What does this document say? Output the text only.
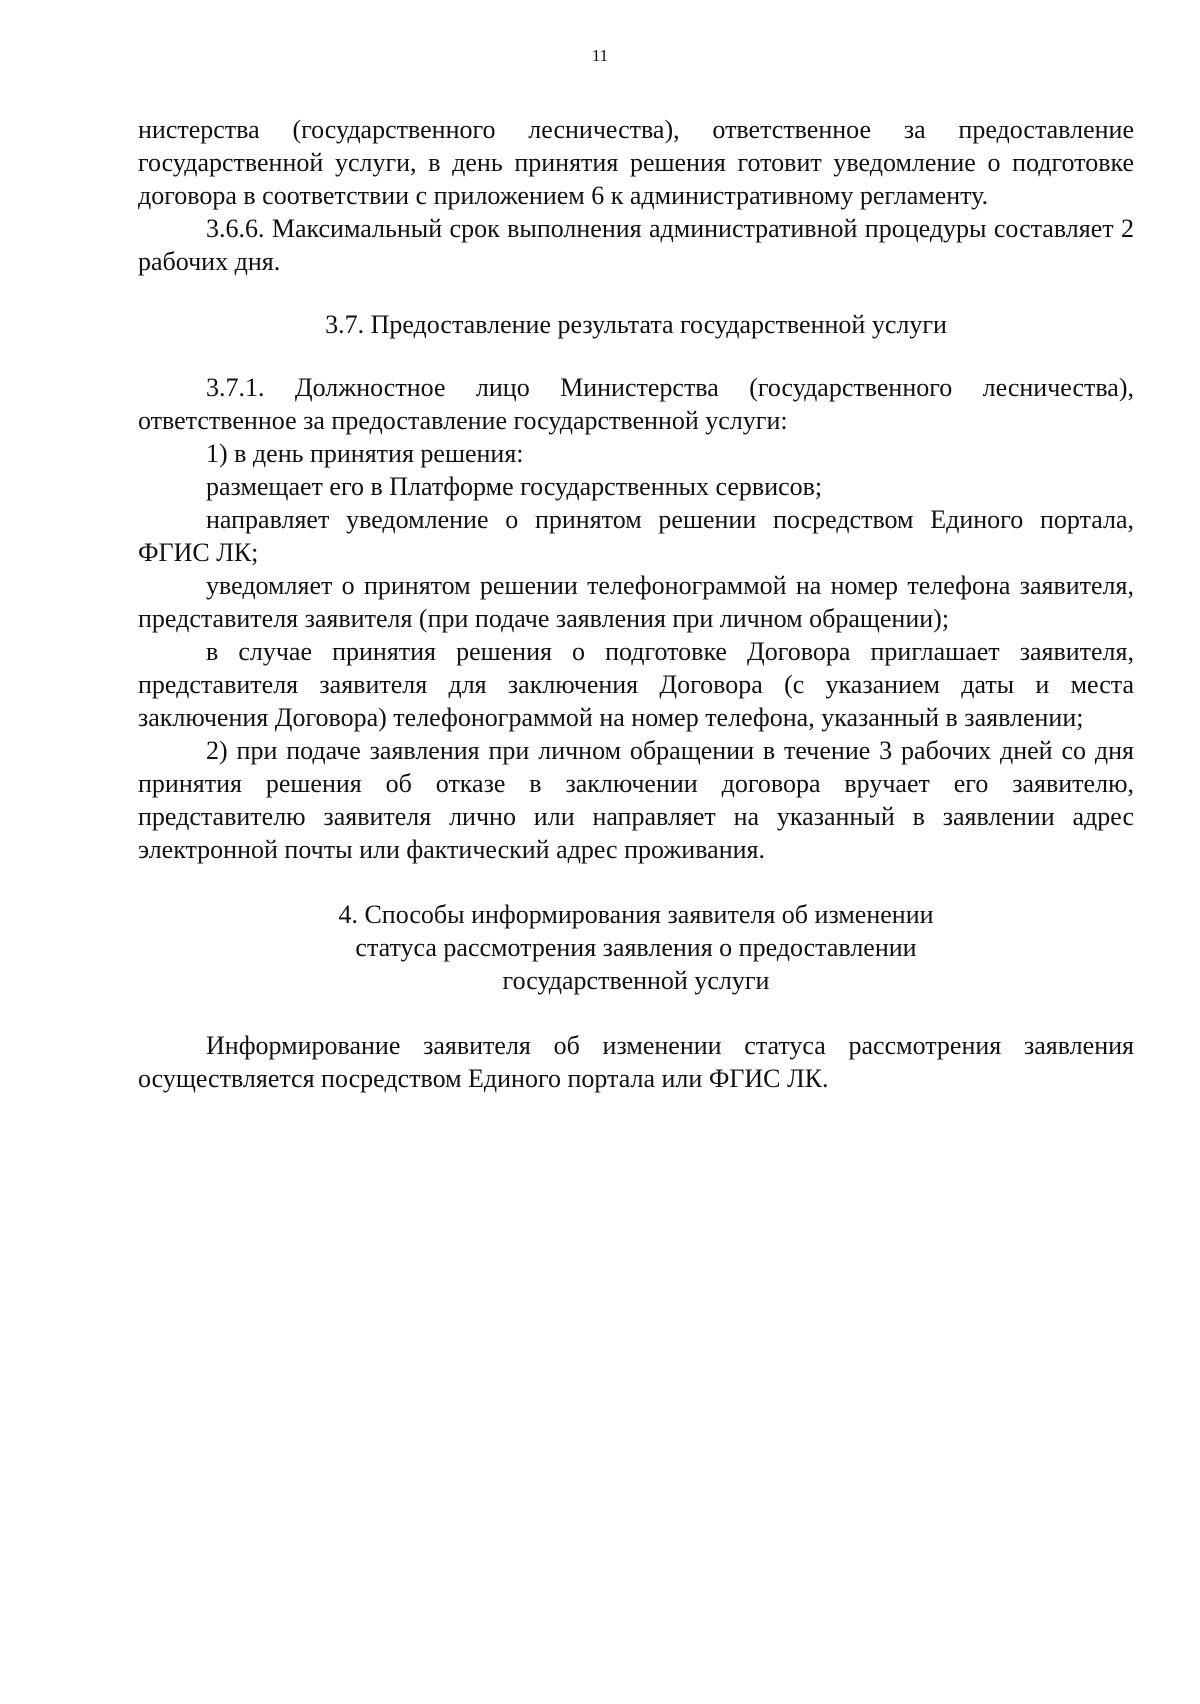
11

нистерства (государственного лесничества), ответственное за предоставление государственной услуги, в день принятия решения готовит уведомление о подготовке договора в соответствии с приложением 6 к административному регламенту.

3.6.6. Максимальный срок выполнения административной процедуры составляет 2 рабочих дня.

3.7. Предоставление результата государственной услуги

3.7.1. Должностное лицо Министерства (государственного лесничества), ответственное за предоставление государственной услуги:

1) в день принятия решения:

размещает его в Платформе государственных сервисов;

направляет уведомление о принятом решении посредством Единого портала, ФГИС ЛК;

уведомляет о принятом решении телефонограммой на номер телефона заявителя, представителя заявителя (при подаче заявления при личном обращении);

в случае принятия решения о подготовке Договора приглашает заявителя, представителя заявителя для заключения Договора (с указанием даты и места заключения Договора) телефонограммой на номер телефона, указанный в заявлении;

2) при подаче заявления при личном обращении в течение 3 рабочих дней со дня принятия решения об отказе в заключении договора вручает его заявителю, представителю заявителя лично или направляет на указанный в заявлении адрес электронной почты или фактический адрес проживания.

4. Способы информирования заявителя об изменении
статуса рассмотрения заявления о предоставлении
государственной услуги

Информирование заявителя об изменении статуса рассмотрения заявления осуществляется посредством Единого портала или ФГИС ЛК.
